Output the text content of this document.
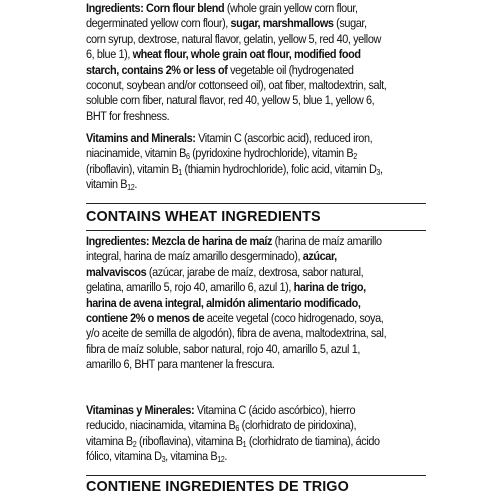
Ingredients: Corn flour blend (whole grain yellow corn flour, degerminated yellow corn flour), sugar, marshmallows (sugar, corn syrup, dextrose, natural flavor, gelatin, yellow 5, red 40, yellow 6, blue 1), wheat flour, whole grain oat flour, modified food starch, contains 2% or less of vegetable oil (hydrogenated coconut, soybean and/or cottonseed oil), oat fiber, maltodextrin, salt, soluble corn fiber, natural flavor, red 40, yellow 5, blue 1, yellow 6, BHT for freshness.
Vitamins and Minerals: Vitamin C (ascorbic acid), reduced iron, niacinamide, vitamin $B_6$ (pyridoxine hydrochloride), vitamin $B_2$ (riboflavin), vitamin $B_1$ (thiamin hydrochloride), folic acid, vitamin $D_3$, vitamin $B_{12}$.
CONTAINS WHEAT INGREDIENTS
Ingredientes: Mezcla de harina de maíz (harina de maíz amarillo integral, harina de maíz amarillo desgerminado), azúcar, malvaviscos (azúcar, jarabe de maíz, dextrosa, sabor natural, gelatina, amarillo 5, rojo 40, amarillo 6, azul 1), harina de trigo, harina de avena integral, almidón alimentario modificado, contiene 2% o menos de aceite vegetal (coco hidrogenado, soya, y/o aceite de semilla de algodón), fibra de avena, maltodextrina, sal, fibra de maíz soluble, sabor natural, rojo 40, amarillo 5, azul 1, amarillo 6, BHT para mantener la frescura.
Vitaminas y Minerales: Vitamina C (ácido ascórbico), hierro reducido, niacinamida, vitamina $B_6$ (clorhidrato de piridoxina), vitamina $B_2$ (riboflavina), vitamina $B_1$ (clorhidrato de tiamina), ácido fólico, vitamina $D_3$, vitamina $B_{12}$.
CONTIENE INGREDIENTES DE TRIGO
